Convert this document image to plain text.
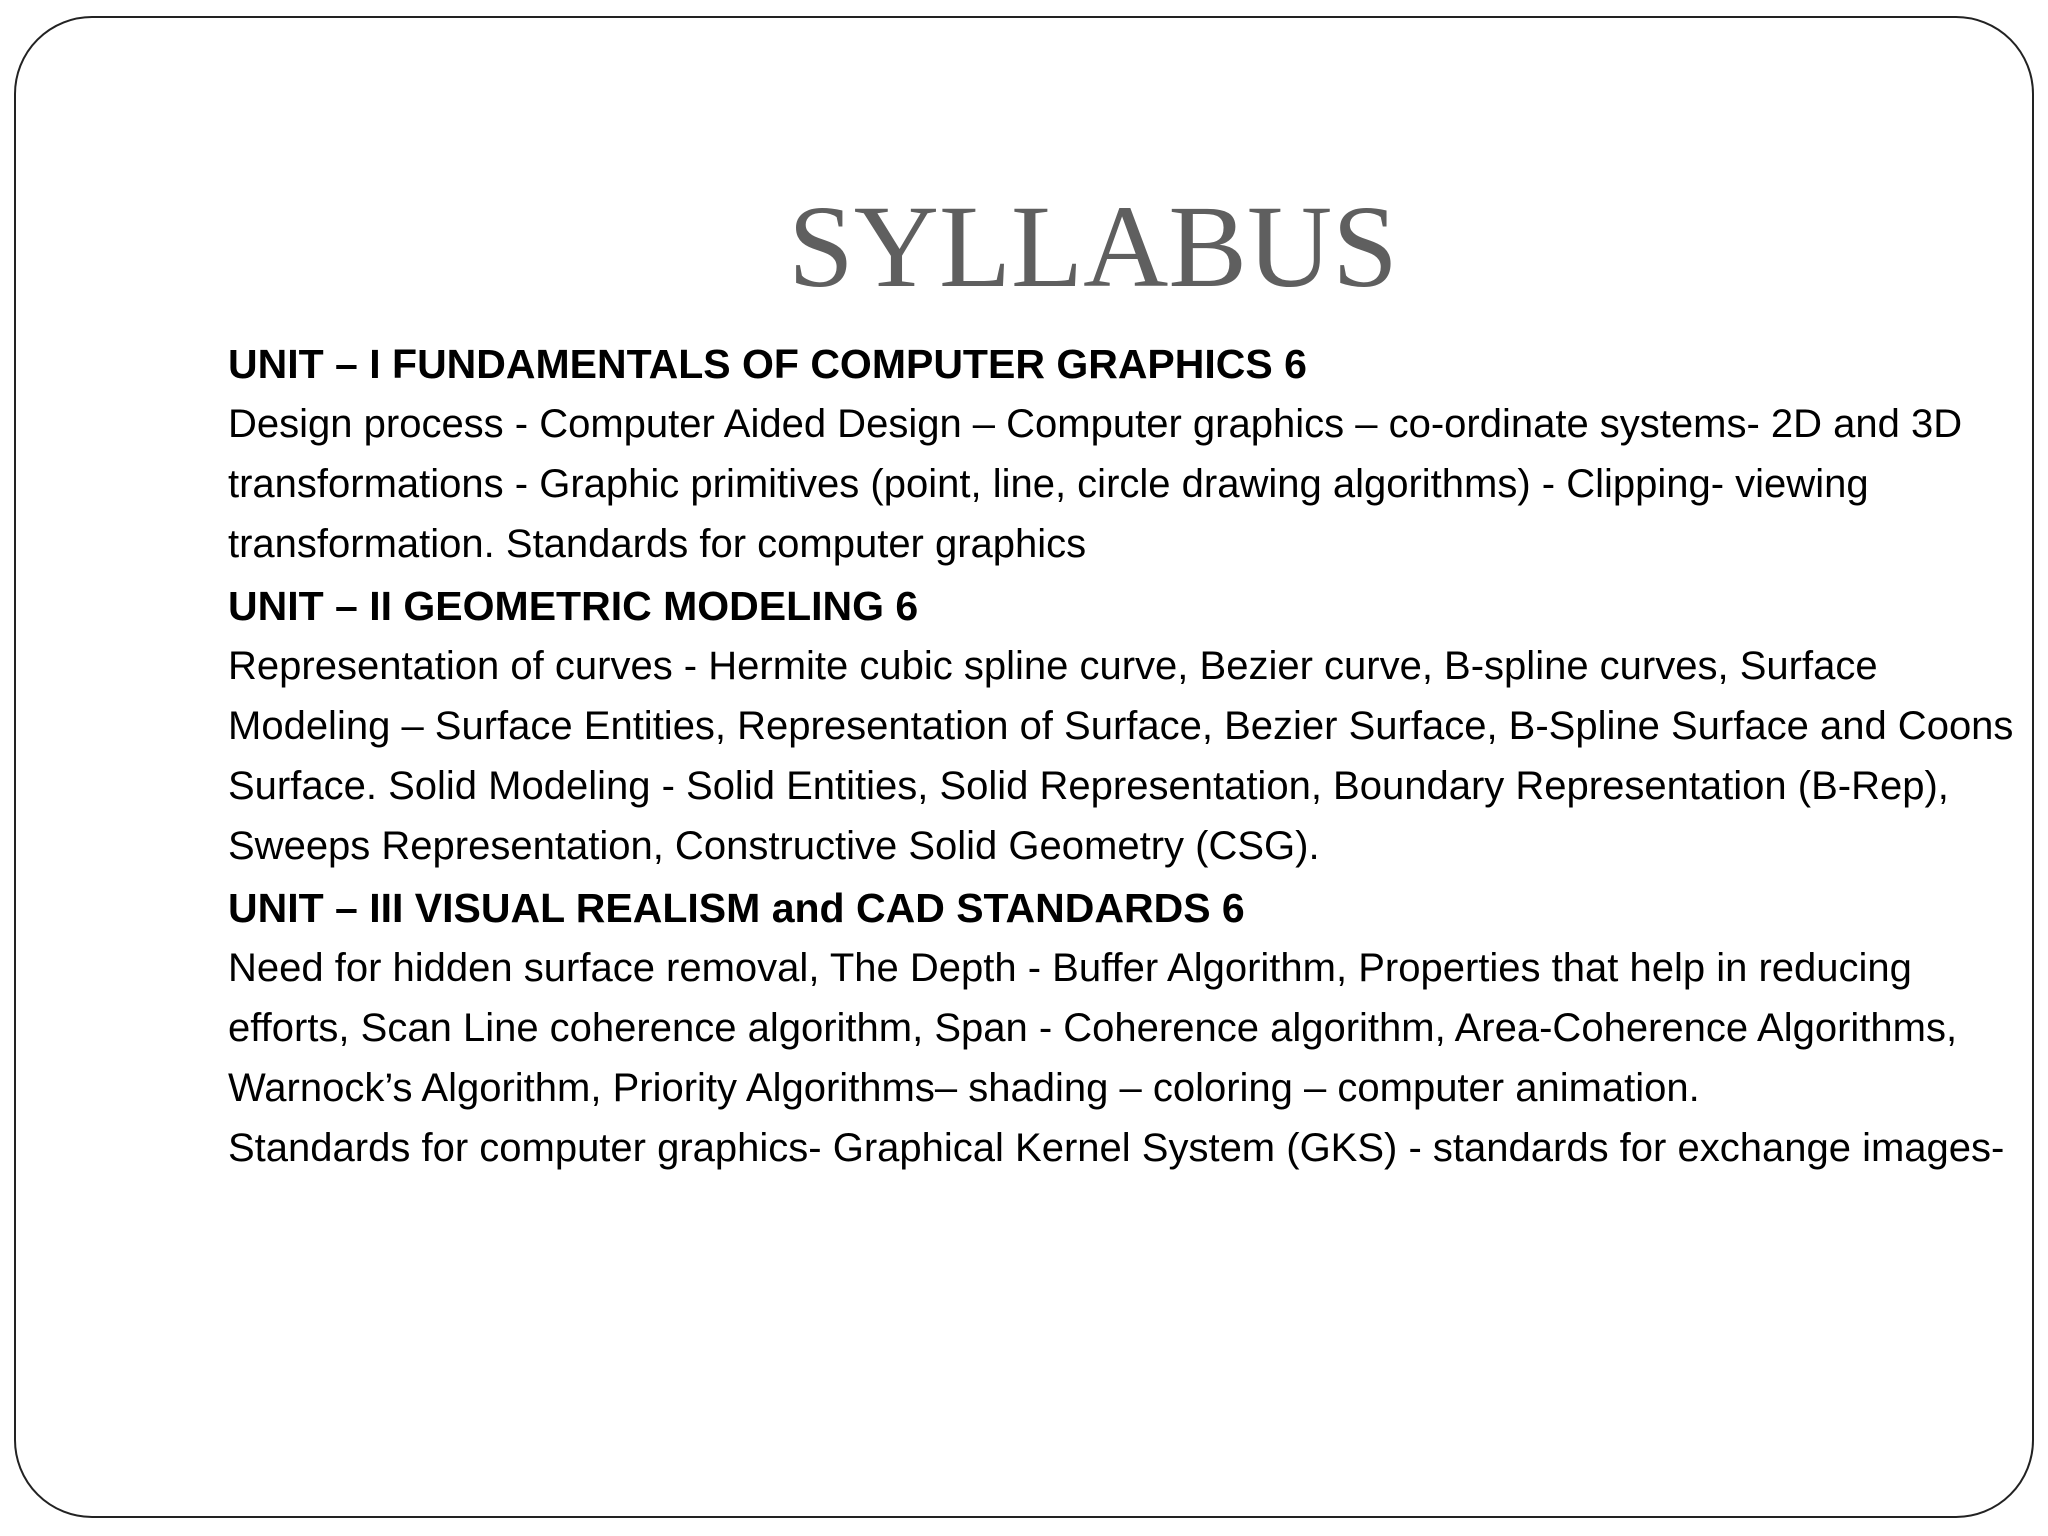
SYLLABUS

UNIT – I FUNDAMENTALS OF COMPUTER GRAPHICS 6

Design process - Computer Aided Design – Computer graphics – co-ordinate systems- 2D and 3D

transformations - Graphic primitives (point, line, circle drawing algorithms) - Clipping- viewing

transformation. Standards for computer graphics

UNIT – II GEOMETRIC MODELING 6

Representation of curves - Hermite cubic spline curve, Bezier curve, B-spline curves, Surface

Modeling – Surface Entities, Representation of Surface, Bezier Surface, B-Spline Surface and Coons

Surface. Solid Modeling - Solid Entities, Solid Representation, Boundary Representation (B-Rep),

Sweeps Representation, Constructive Solid Geometry (CSG).

UNIT – III VISUAL REALISM and CAD STANDARDS 6

Need for hidden surface removal, The Depth - Buffer Algorithm, Properties that help in reducing

efforts, Scan Line coherence algorithm, Span - Coherence algorithm, Area-Coherence Algorithms,

Warnock’s Algorithm, Priority Algorithms– shading – coloring – computer animation.

Standards for computer graphics- Graphical Kernel System (GKS) - standards for exchange images-
